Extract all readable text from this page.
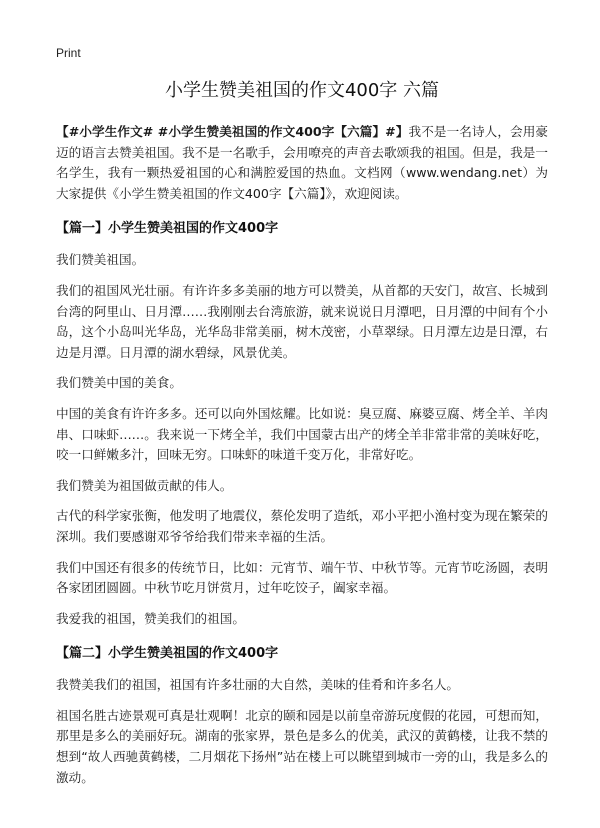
Print
小学生赞美祖国的作文400字 六篇

【#小学生作文# #小学生赞美祖国的作文400字【六篇】#】我不是一名诗人，会用豪迈的语言去赞美祖国。我不是一名歌手，会用嘹亮的声音去歌颂我的祖国。但是，我是一名学生，我有一颗热爱祖国的心和满腔爱国的热血。文档网（www.wendang.net）为大家提供《小学生赞美祖国的作文400字【六篇】》，欢迎阅读。

【篇一】小学生赞美祖国的作文400字

我们赞美祖国。

我们的祖国风光壮丽。有许许多多美丽的地方可以赞美，从首都的天安门，故宫、长城到台湾的阿里山、日月潭……我刚刚去台湾旅游，就来说说日月潭吧，日月潭的中间有个小岛，这个小岛叫光华岛，光华岛非常美丽，树木茂密，小草翠绿。日月潭左边是日潭，右边是月潭。日月潭的湖水碧绿，风景优美。

我们赞美中国的美食。

中国的美食有许许多多。还可以向外国炫耀。比如说：臭豆腐、麻婆豆腐、烤全羊、羊肉串、口味虾……。我来说一下烤全羊，我们中国蒙古出产的烤全羊非常非常的美味好吃，咬一口鲜嫩多汁，回味无穷。口味虾的味道千变万化，非常好吃。

我们赞美为祖国做贡献的伟人。

古代的科学家张衡，他发明了地震仪，蔡伦发明了造纸，邓小平把小渔村变为现在繁荣的深圳。我们要感谢邓爷爷给我们带来幸福的生活。

我们中国还有很多的传统节日，比如：元宵节、端午节、中秋节等。元宵节吃汤圆，表明各家团团圆圆。中秋节吃月饼赏月，过年吃饺子，阖家幸福。

我爱我的祖国，赞美我们的祖国。

【篇二】小学生赞美祖国的作文400字

我赞美我们的祖国，祖国有许多壮丽的大自然，美味的佳肴和许多名人。

祖国名胜古迹景观可真是壮观啊！北京的颐和园是以前皇帝游玩度假的花园，可想而知，那里是多么的美丽好玩。湖南的张家界，景色是多么的优美，武汉的黄鹤楼，让我不禁的想到“故人西驰黄鹤楼，二月烟花下扬州”站在楼上可以眺望到城市一旁的山，我是多么的激动。
